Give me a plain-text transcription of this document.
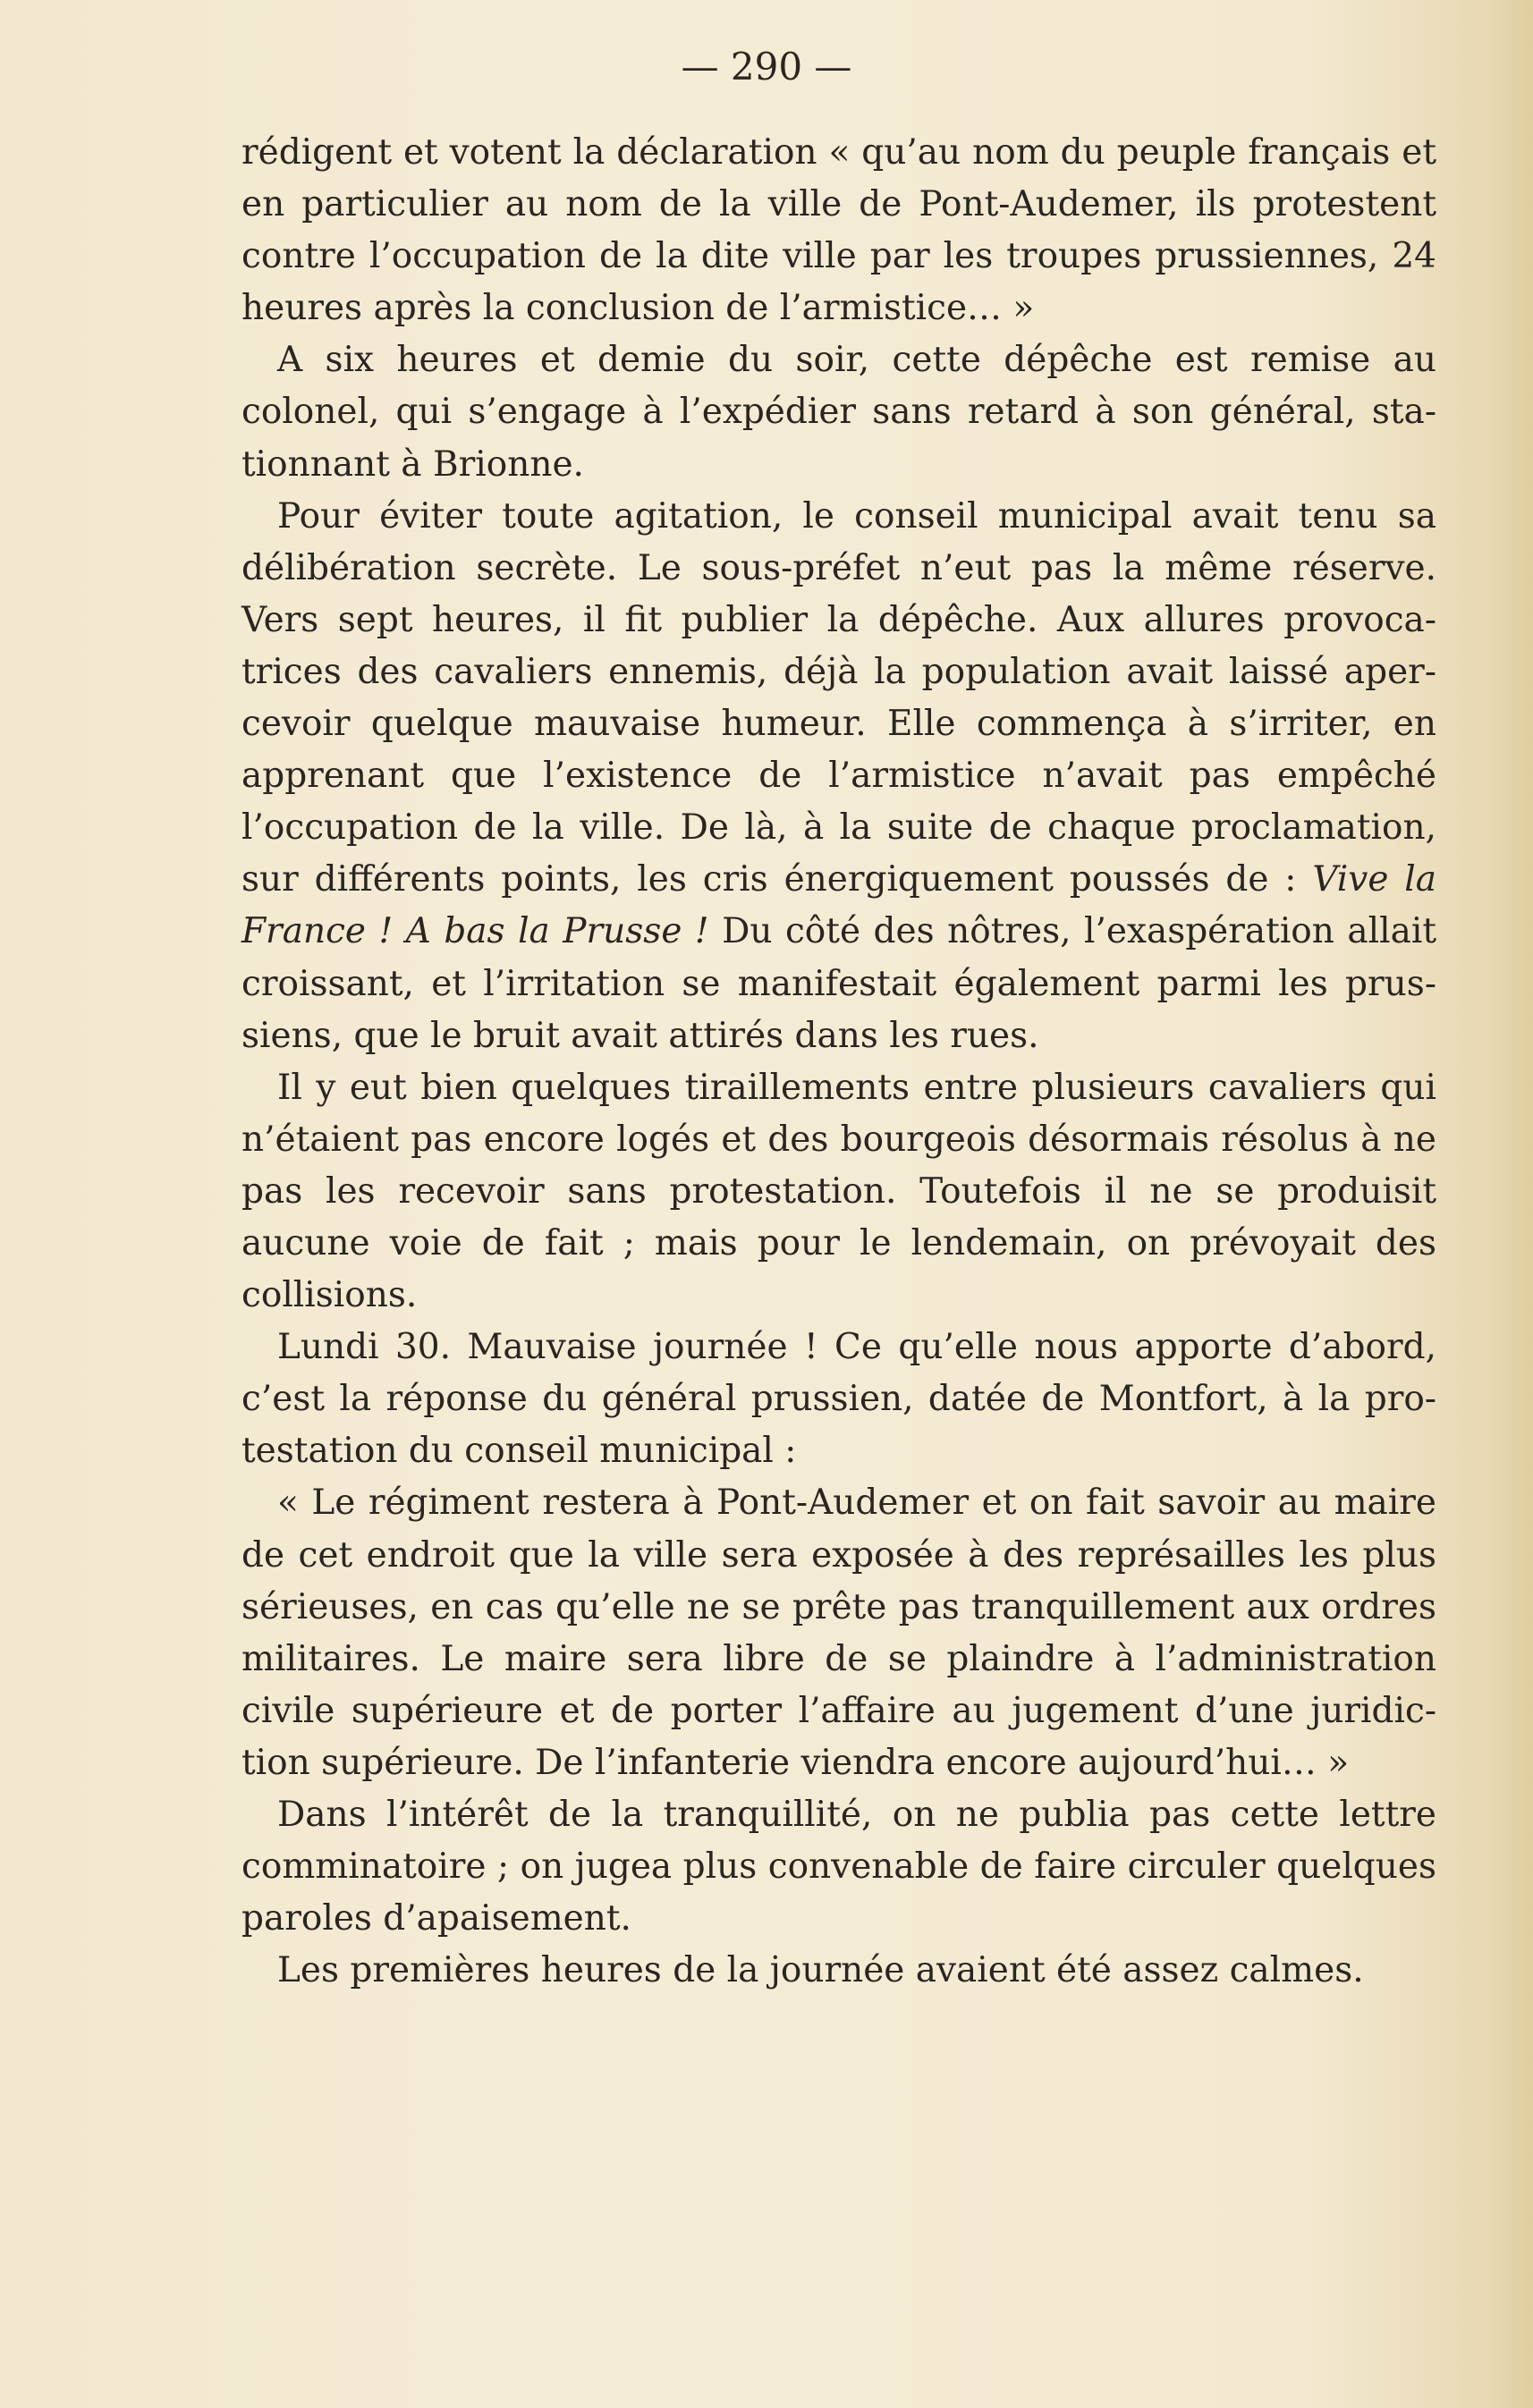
— 290 —

rédigent et votent la déclaration « qu’au nom du peuple français et en particulier au nom de la ville de Pont-Audemer, ils protestent contre l’occupation de la dite ville par les troupes prussiennes, 24 heures après la conclusion de l’armistice… »

A six heures et demie du soir, cette dépêche est remise au colonel, qui s’engage à l’expédier sans retard à son général, stationnant à Brionne.

Pour éviter toute agitation, le conseil municipal avait tenu sa délibération secrète. Le sous-préfet n’eut pas la même réserve. Vers sept heures, il fit publier la dépêche. Aux allures provocatrices des cavaliers ennemis, déjà la population avait laissé apercevoir quelque mauvaise humeur. Elle commença à s’irriter, en apprenant que l’existence de l’armistice n’avait pas empêché l’occupation de la ville. De là, à la suite de chaque proclamation, sur différents points, les cris énergiquement poussés de : Vive la France ! A bas la Prusse ! Du côté des nôtres, l’exaspération allait croissant, et l’irritation se manifestait également parmi les prussiens, que le bruit avait attirés dans les rues.

Il y eut bien quelques tiraillements entre plusieurs cavaliers qui n’étaient pas encore logés et des bourgeois désormais résolus à ne pas les recevoir sans protestation. Toutefois il ne se produisit aucune voie de fait ; mais pour le lendemain, on prévoyait des collisions.

Lundi 30. Mauvaise journée ! Ce qu’elle nous apporte d’abord, c’est la réponse du général prussien, datée de Montfort, à la protestation du conseil municipal :

« Le régiment restera à Pont-Audemer et on fait savoir au maire de cet endroit que la ville sera exposée à des représailles les plus sérieuses, en cas qu’elle ne se prête pas tranquillement aux ordres militaires. Le maire sera libre de se plaindre à l’administration civile supérieure et de porter l’affaire au jugement d’une juridiction supérieure. De l’infanterie viendra encore aujourd’hui… »

Dans l’intérêt de la tranquillité, on ne publia pas cette lettre comminatoire ; on jugea plus convenable de faire circuler quelques paroles d’apaisement.

Les premières heures de la journée avaient été assez calmes.
